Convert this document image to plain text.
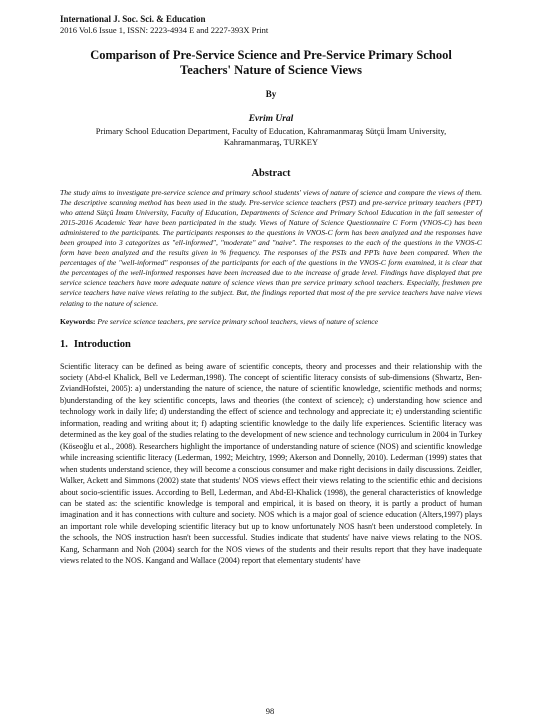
International J. Soc. Sci. & Education
2016 Vol.6 Issue 1, ISSN: 2223-4934 E and 2227-393X Print
Comparison of Pre-Service Science and Pre-Service Primary School Teachers' Nature of Science Views
By
Evrim Ural
Primary School Education Department, Faculty of Education, Kahramanmaraş Sütçü İmam University, Kahramanmaraş, TURKEY
Abstract
The study aims to investigate pre-service science and primary school students' views of nature of science and compare the views of them. The descriptive scanning method has been used in the study. Pre-service science teachers (PST) and pre-service primary teachers (PPT) who attend Sütçü İmam University, Faculty of Education, Departments of Science and Primary School Education in the fall semester of 2015-2016 Academic Year have been participated in the study. Views of Nature of Science Questionnaire C Form (VNOS-C) has been administered to the participants. The participants responses to the questions in VNOS-C form has been analyzed and the responses have been grouped into 3 categorizes as "ell-informed", "moderate" and "naive". The responses to the each of the questions in the VNOS-C form have been analyzed and the results given in % frequency. The responses of the PSTs and PPTs have been compared. When the percentages of the "well-informed" responses of the participants for each of the questions in the VNOS-C form examined, it is clear that the percentages of the well-informed responses have been increased due to the increase of grade level. Findings have displayed that pre service science teachers have more adequate nature of science views than pre service primary school teachers. Especially, freshmen pre service teachers have naive views relating to the subject. But, the findings reported that most of the pre service teachers have naive views relating to the nature of science.
Keywords: Pre service science teachers, pre service primary school teachers, views of nature of science
1. Introduction
Scientific literacy can be defined as being aware of scientific concepts, theory and processes and their relationship with the society (Abd-el Khalick, Bell ve Lederman,1998). The concept of scientific literacy consists of sub-dimensions (Shwartz, Ben-ZviandHofstei, 2005): a) understanding the nature of science, the nature of scientific knowledge, scientific methods and norms; b)understanding of the key scientific concepts, laws and theories (the context of science); c) understanding how science and technology work in daily life; d) understanding the effect of science and technology and appreciate it; e) understanding scientific information, reading and writing about it; f) adapting scientific knowledge to the daily life experiences. Scientific literacy was determined as the key goal of the studies relating to the development of new science and technology curriculum in 2004 in Turkey (Köseoğlu et al., 2008). Researchers highlight the importance of understanding nature of science (NOS) and scientific knowledge while increasing scientific literacy (Lederman, 1992; Meichtry, 1999; Akerson and Donnelly, 2010). Lederman (1999) states that when students understand science, they will become a conscious consumer and make right decisions in daily discussions. Zeidler, Walker, Ackett and Simmons (2002) state that students' NOS views effect their views relating to the scientific ethic and decisions about socio-scientific issues. According to Bell, Lederman, and Abd-El-Khalick (1998), the general characteristics of knowledge can be stated as: the scientific knowledge is temporal and empirical, it is based on theory, it is partly a product of human imagination and it has connections with culture and society. NOS which is a major goal of science education (Alters,1997) plays an important role while developing scientific literacy but up to know unfortunately NOS hasn't been understood completely. In the schools, the NOS instruction hasn't been successful. Studies indicate that students' have naive views relating to the NOS. Kang, Scharmann and Noh (2004) search for the NOS views of the students and their results report that they have inadequate views related to the NOS. Kangand and Wallace (2004) report that elementary students' have
98
